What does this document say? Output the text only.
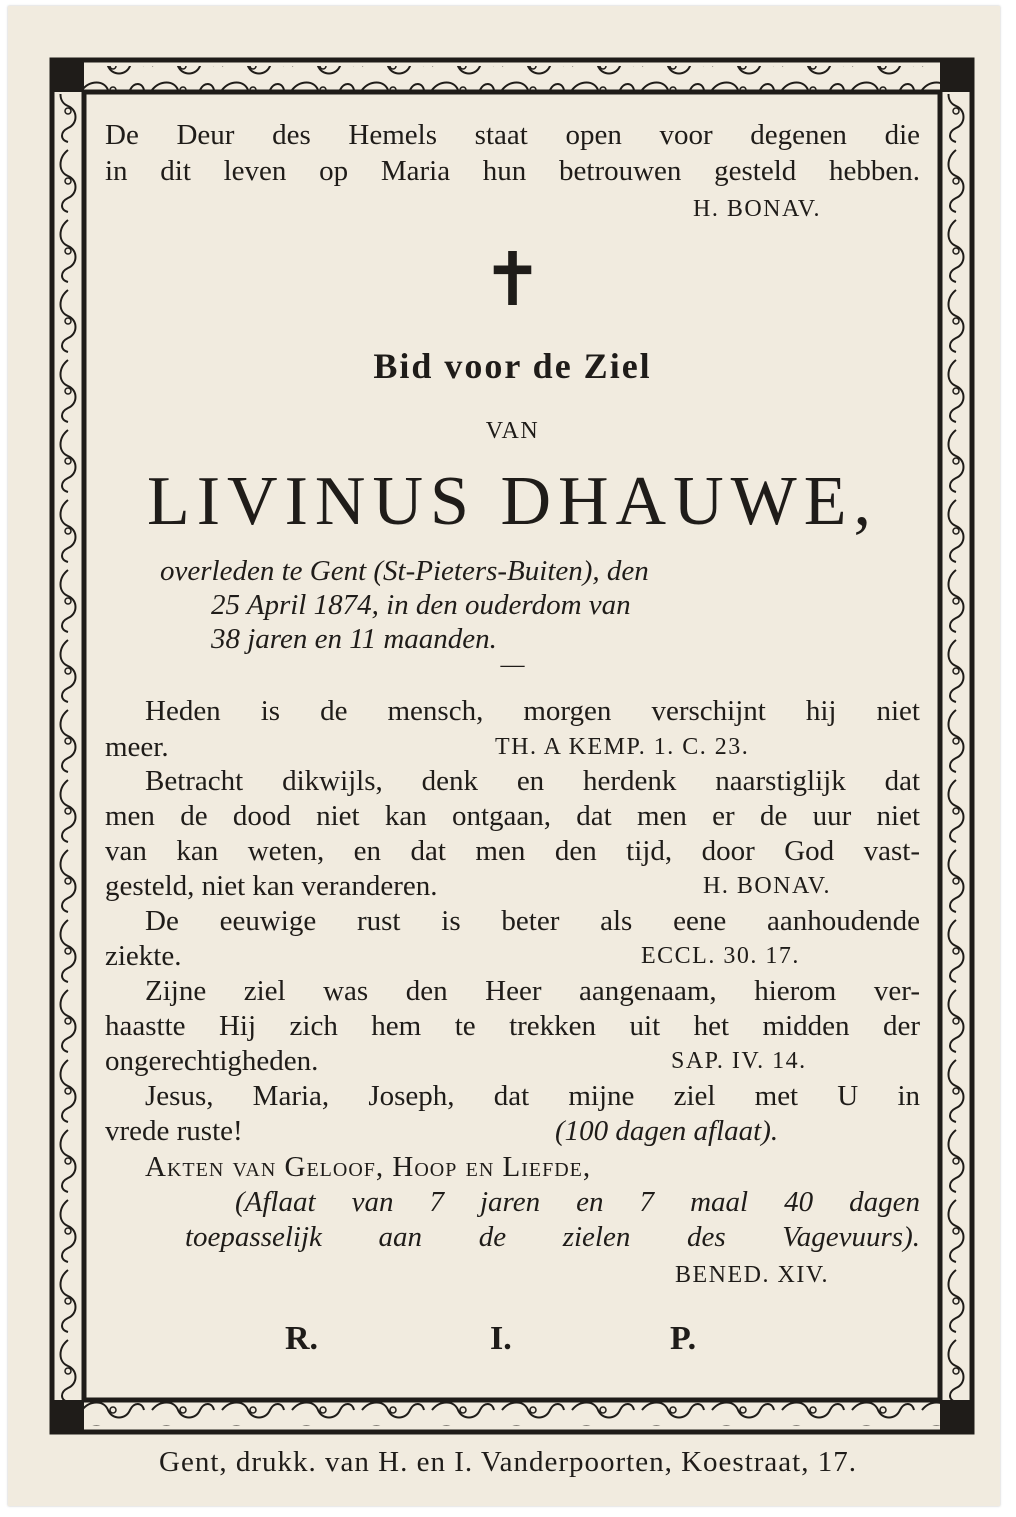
De Deur des Hemels staat open voor degenen die
in dit leven op Maria hun betrouwen gesteld hebben.
H. BONAV.
✝
Bid voor de Ziel
VAN
LIVINUS DHAUWE,
overleden te Gent (St-Pieters-Buiten), den
25 April 1874, in den ouderdom van
38 jaren en 11 maanden.
—
Heden is de mensch, morgen verschijnt hij niet
meer.	TH. A KEMP. 1. C. 23.
Betracht dikwijls, denk en herdenk naarstiglijk dat
men de dood niet kan ontgaan, dat men er de uur niet
van kan weten, en dat men den tijd, door God vast-
gesteld, niet kan veranderen.	H. BONAV.
De eeuwige rust is beter als eene aanhoudende
ziekte.	ECCL. 30. 17.
Zijne ziel was den Heer aangenaam, hierom ver-
haastte Hij zich hem te trekken uit het midden der
ongerechtigheden.	SAP. IV. 14.
Jesus, Maria, Joseph, dat mijne ziel met U in
vrede ruste!	(100 dagen aflaat).
Akten van Geloof, Hoop en Liefde,
(Aflaat van 7 jaren en 7 maal 40 dagen
toepasselijk aan de zielen des Vagevuurs).
BENED. XIV.
R.	I.	P.
Gent, drukk. van H. en I. Vanderpoorten, Koestraat, 17.
